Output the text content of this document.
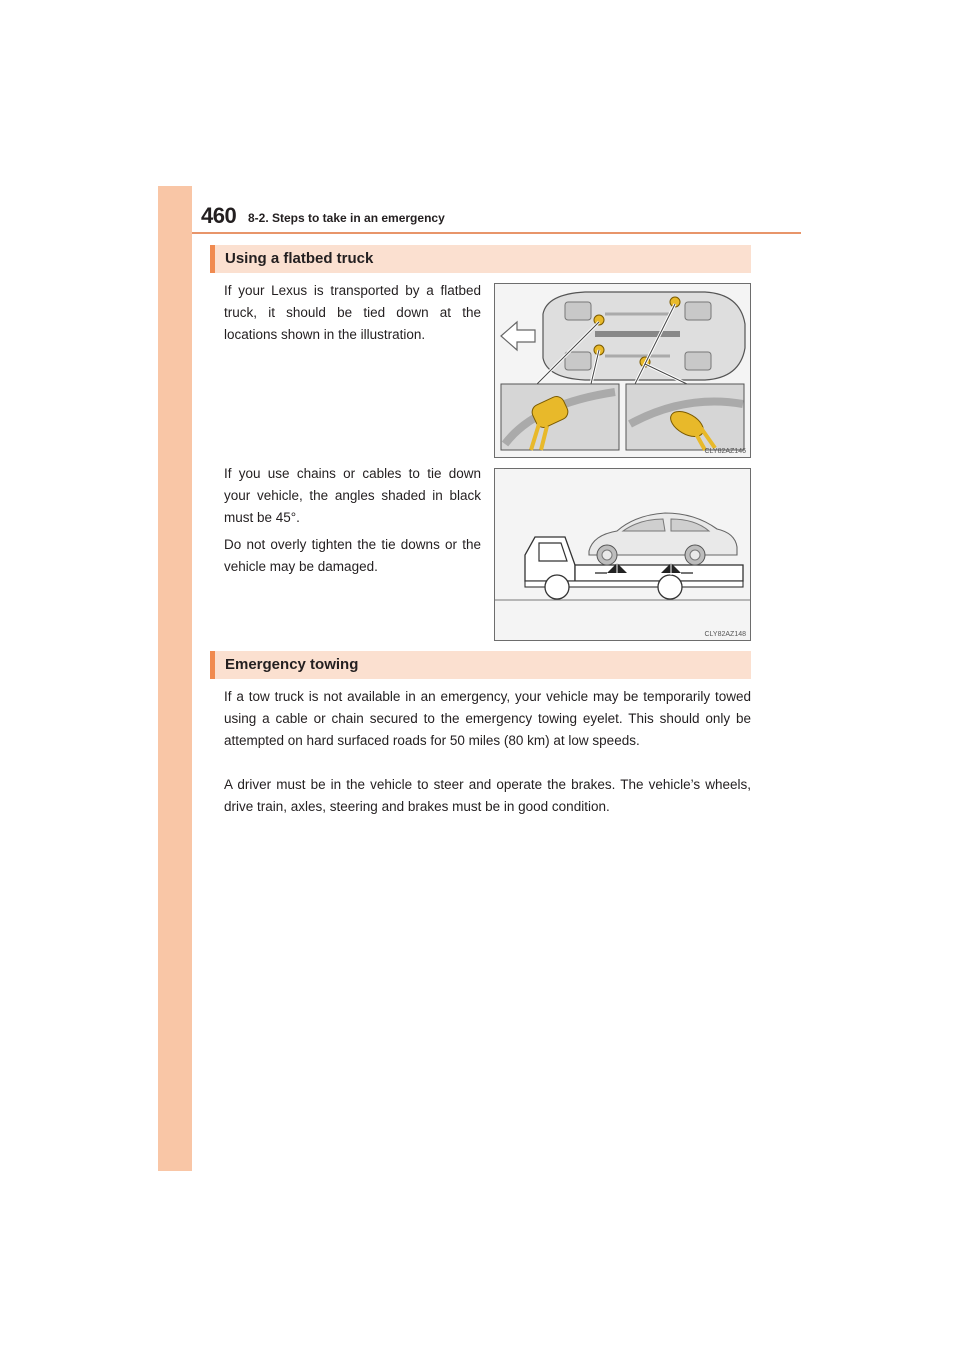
460 8-2. Steps to take in an emergency
Using a flatbed truck
If your Lexus is transported by a flatbed truck, it should be tied down at the locations shown in the illustration.
If you use chains or cables to tie down your vehicle, the angles shaded in black must be 45°.
Do not overly tighten the tie downs or the vehicle may be damaged.
CLY82AZ146
CLY82AZ148
Emergency towing
If a tow truck is not available in an emergency, your vehicle may be temporarily towed using a cable or chain secured to the emergency towing eyelet. This should only be attempted on hard surfaced roads for 50 miles (80 km) at low speeds.
A driver must be in the vehicle to steer and operate the brakes. The vehicle’s wheels, drive train, axles, steering and brakes must be in good condition.
